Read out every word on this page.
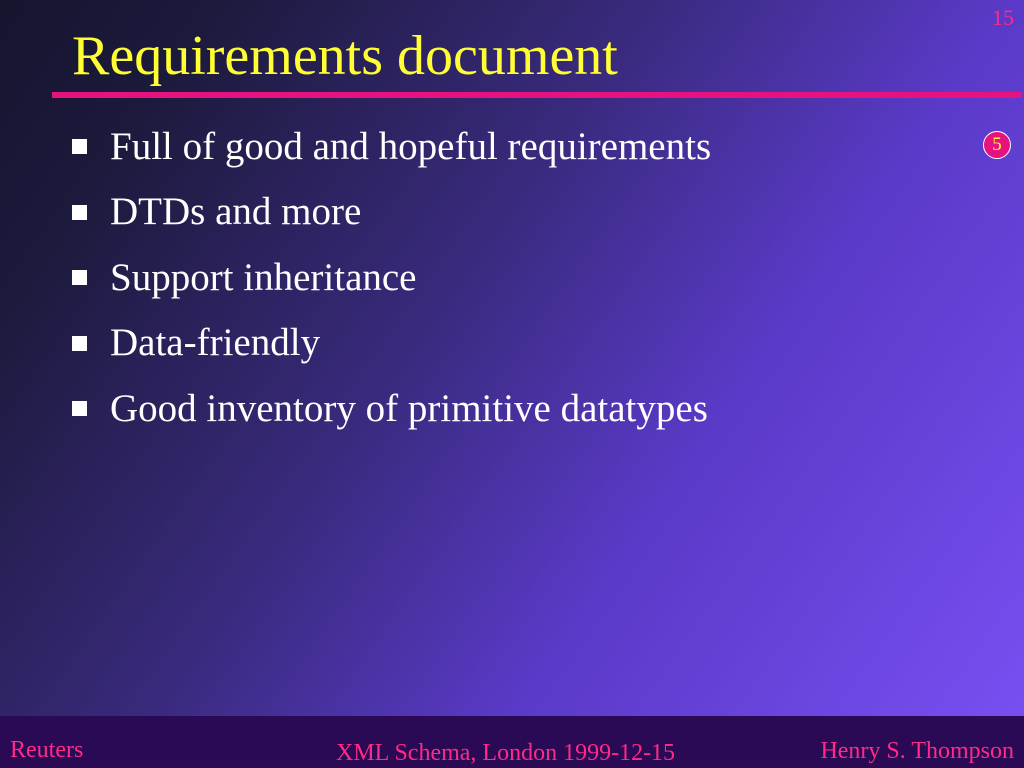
15
Requirements document
Full of good and hopeful requirements
DTDs and more
Support inheritance
Data-friendly
Good inventory of primitive datatypes
5
Reuters	XML Schema, London 1999-12-15	Henry S. Thompson
